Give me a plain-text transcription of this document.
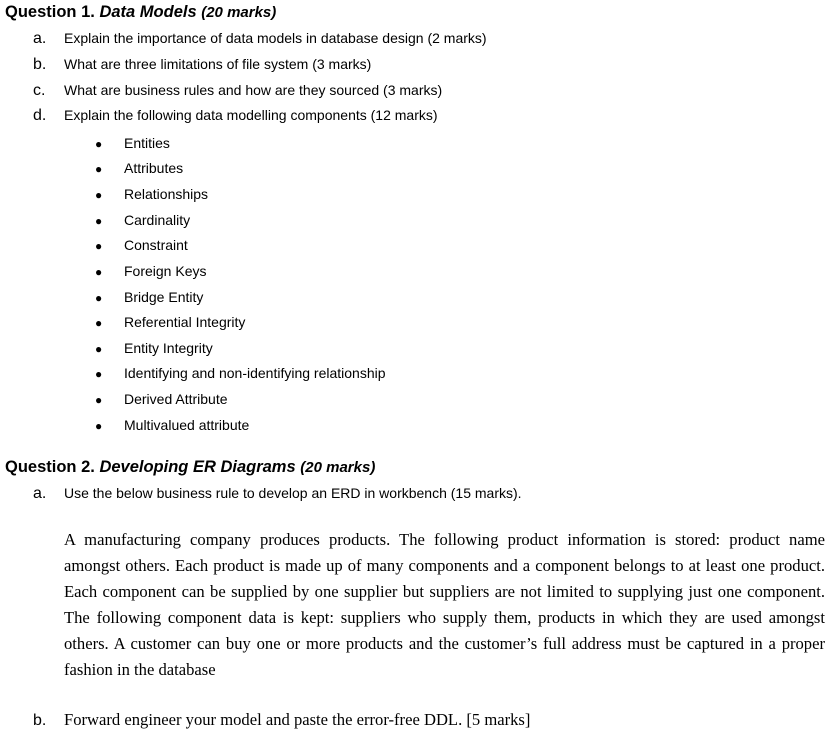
Question 1. Data Models (20 marks)
a.	Explain the importance of data models in database design (2 marks)
b.	What are three limitations of file system (3 marks)
c.	What are business rules and how are they sourced (3 marks)
d.	Explain the following data modelling components (12 marks)
●	Entities
●	Attributes
●	Relationships
●	Cardinality
●	Constraint
●	Foreign Keys
●	Bridge Entity
●	Referential Integrity
●	Entity Integrity
●	Identifying and non-identifying relationship
●	Derived Attribute
●	Multivalued attribute
Question 2. Developing ER Diagrams (20 marks)
a.	Use the below business rule to develop an ERD in workbench (15 marks).

A manufacturing company produces products. The following product information is stored: product name amongst others. Each product is made up of many components and a component belongs to at least one product. Each component can be supplied by one supplier but suppliers are not limited to supplying just one component. The following component data is kept: suppliers who supply them, products in which they are used amongst others. A customer can buy one or more products and the customer’s full address must be captured in a proper fashion in the database

b.	Forward engineer your model and paste the error-free DDL. [5 marks]
